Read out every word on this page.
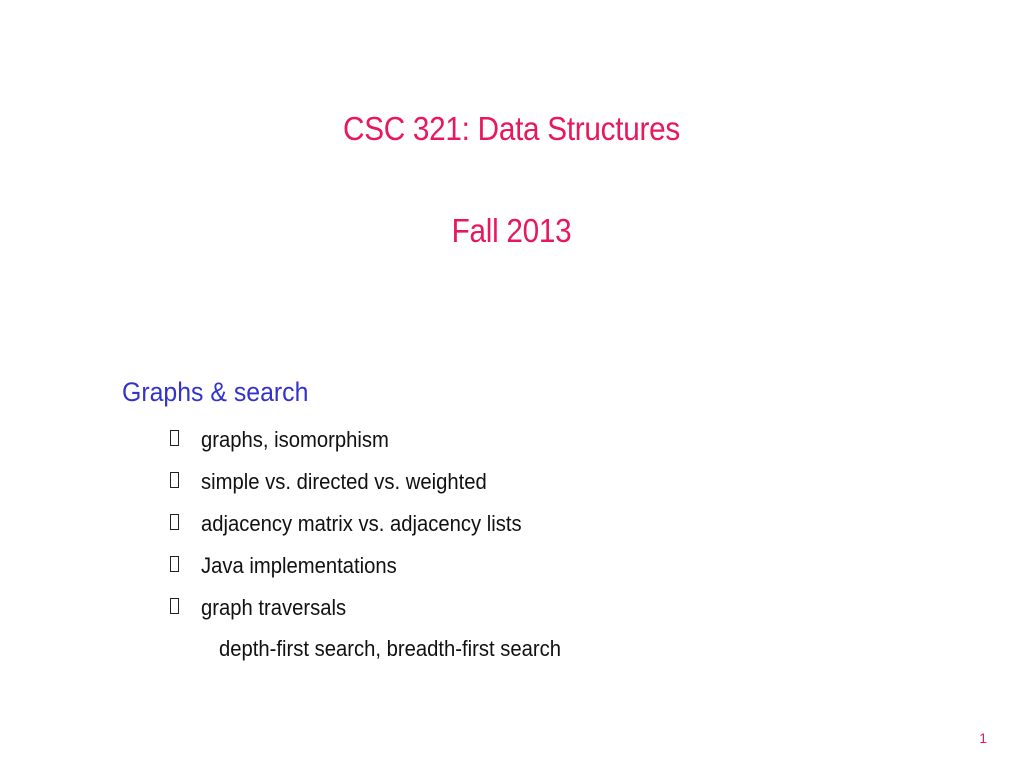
CSC 321: Data Structures
Fall 2013
Graphs & search
graphs, isomorphism
simple vs. directed vs. weighted
adjacency matrix vs. adjacency lists
Java implementations
graph traversals
depth-first search, breadth-first search
1
